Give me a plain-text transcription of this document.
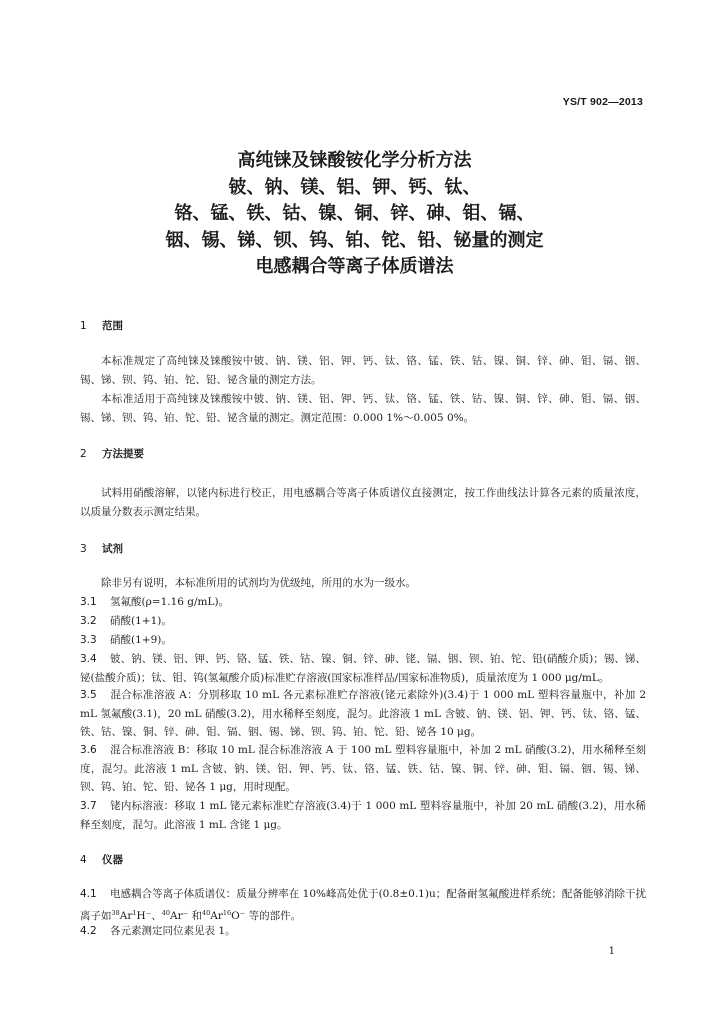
YS/T 902—2013
高纯铼及铼酸铵化学分析方法
铍、钠、镁、铝、钾、钙、钛、
铬、锰、铁、钴、镍、铜、锌、砷、钼、镉、
铟、锡、锑、钡、钨、铂、铊、铅、铋量的测定
电感耦合等离子体质谱法
1 范围
本标准规定了高纯铼及铼酸铵中铍、钠、镁、铝、钾、钙、钛、铬、锰、铁、钴、镍、铜、锌、砷、钼、镉、铟、锡、锑、钡、钨、铂、铊、铅、铋含量的测定方法。
本标准适用于高纯铼及铼酸铵中铍、钠、镁、铝、钾、钙、钛、铬、锰、铁、钴、镍、铜、锌、砷、钼、镉、铟、锡、锑、钡、钨、铂、铊、铅、铋含量的测定。测定范围：0.000 1%～0.005 0%。
2 方法提要
试料用硝酸溶解，以铑内标进行校正，用电感耦合等离子体质谱仪直接测定，按工作曲线法计算各元素的质量浓度，以质量分数表示测定结果。
3 试剂
除非另有说明，本标准所用的试剂均为优级纯，所用的水为一级水。
3.1 氢氟酸(ρ=1.16 g/mL)。
3.2 硝酸(1+1)。
3.3 硝酸(1+9)。
3.4 铍、钠、镁、铝、钾、钙、铬、锰、铁、钴、镍、铜、锌、砷、铑、镉、铟、钡、铂、铊、铅(硝酸介质)；锡、锑、铋(盐酸介质)；钛、钼、钨(氢氟酸介质)标准贮存溶液(国家标准样品/国家标准物质)，质量浓度为 1 000 μg/mL。
3.5 混合标准溶液 A：分别移取 10 mL 各元素标准贮存溶液(铑元素除外)(3.4)于 1 000 mL 塑料容量瓶中，补加 2 mL 氢氟酸(3.1)，20 mL 硝酸(3.2)，用水稀释至刻度，混匀。此溶液 1 mL 含铍、钠、镁、铝、钾、钙、钛、铬、锰、铁、钴、镍、铜、锌、砷、钼、镉、铟、锡、锑、钡、钨、铂、铊、铅、铋各 10 μg。
3.6 混合标准溶液 B：移取 10 mL 混合标准溶液 A 于 100 mL 塑料容量瓶中，补加 2 mL 硝酸(3.2)，用水稀释至刻度，混匀。此溶液 1 mL 含铍、钠、镁、铝、钾、钙、钛、铬、锰、铁、钴、镍、铜、锌、砷、钼、镉、铟、锡、锑、钡、钨、铂、铊、铅、铋各 1 μg，用时现配。
3.7 铑内标溶液：移取 1 mL 铑元素标准贮存溶液(3.4)于 1 000 mL 塑料容量瓶中，补加 20 mL 硝酸(3.2)，用水稀释至刻度，混匀。此溶液 1 mL 含铑 1 μg。
4 仪器
4.1 电感耦合等离子体质谱仪：质量分辨率在 10%峰高处优于(0.8±0.1)u；配备耐氢氟酸进样系统；配备能够消除干扰离子如$^{38}$Ar$^1$H⁻、$^{40}$Ar⁻ 和$^{40}$Ar$^{16}$O⁻ 等的部件。
4.2 各元素测定同位素见表 1。
1
